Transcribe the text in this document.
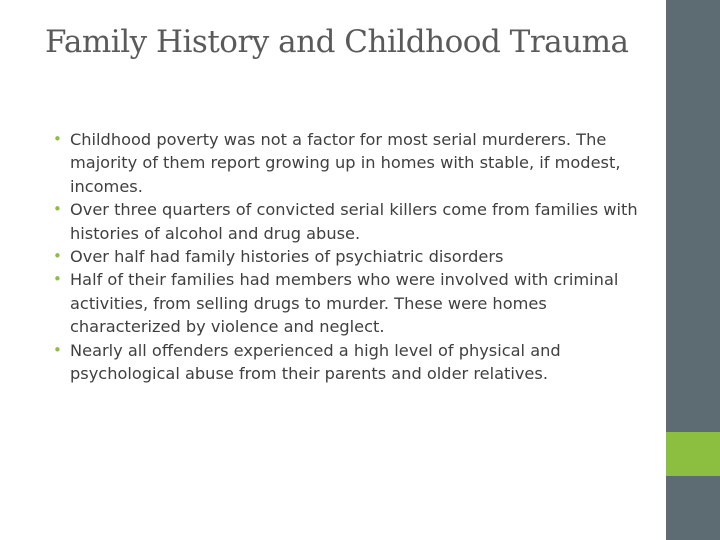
Family History and Childhood Trauma
• Childhood poverty was not a factor for most serial murderers. The majority of them report growing up in homes with stable, if modest, incomes.
• Over three quarters of convicted serial killers come from families with histories of alcohol and drug abuse.
• Over half had family histories of psychiatric disorders
• Half of their families had members who were involved with criminal activities, from selling drugs to murder. These were homes characterized by violence and neglect.
• Nearly all offenders experienced a high level of physical and psychological abuse from their parents and older relatives.
